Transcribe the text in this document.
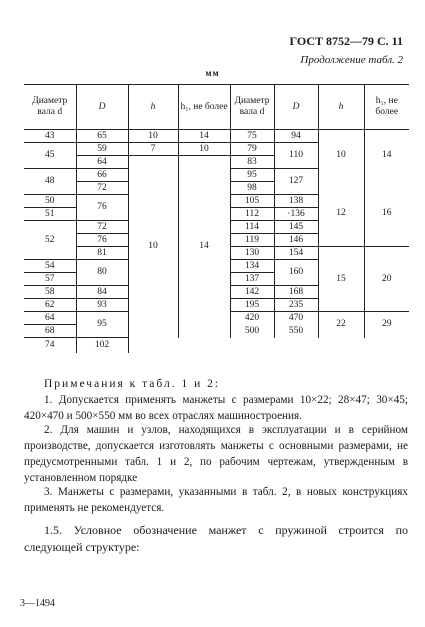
ГОСТ 8752—79 С. 11
Продолжение табл. 2
мм
Диаметр вала d	D	h	h₁, не более	Диаметр вала d	D	h	h₁, не более
43	65	10	14	75	94	10	14
45	59	7	10	79	110		
	64	10	14	83			
48	66			95	127		
	72			98		12	16
50	76			105	138		
51				112	·136		
52	72			114	145		
	76			119	146		
	81			130	154	15	20
54	80			134	160		
57				137			
58	84			142	168		
62	93			195	235		
64	95			420	470	22	29
68				500	550		
74	102						
Примечания к табл. 1 и 2:
1. Допускается применять манжеты с размерами 10×22; 28×47; 30×45; 420×470 и 500×550 мм во всех отраслях машиностроения.
2. Для машин и узлов, находящихся в эксплуатации и в серийном производстве, допускается изготовлять манжеты с основными размерами, не предусмотренными табл. 1 и 2, по рабочим чертежам, утвержденным в установленном порядке
3. Манжеты с размерами, указанными в табл. 2, в новых конструкциях применять не рекомендуется.
1.5. Условное обозначение манжет с пружиной строится по следующей структуре:
3—1494
